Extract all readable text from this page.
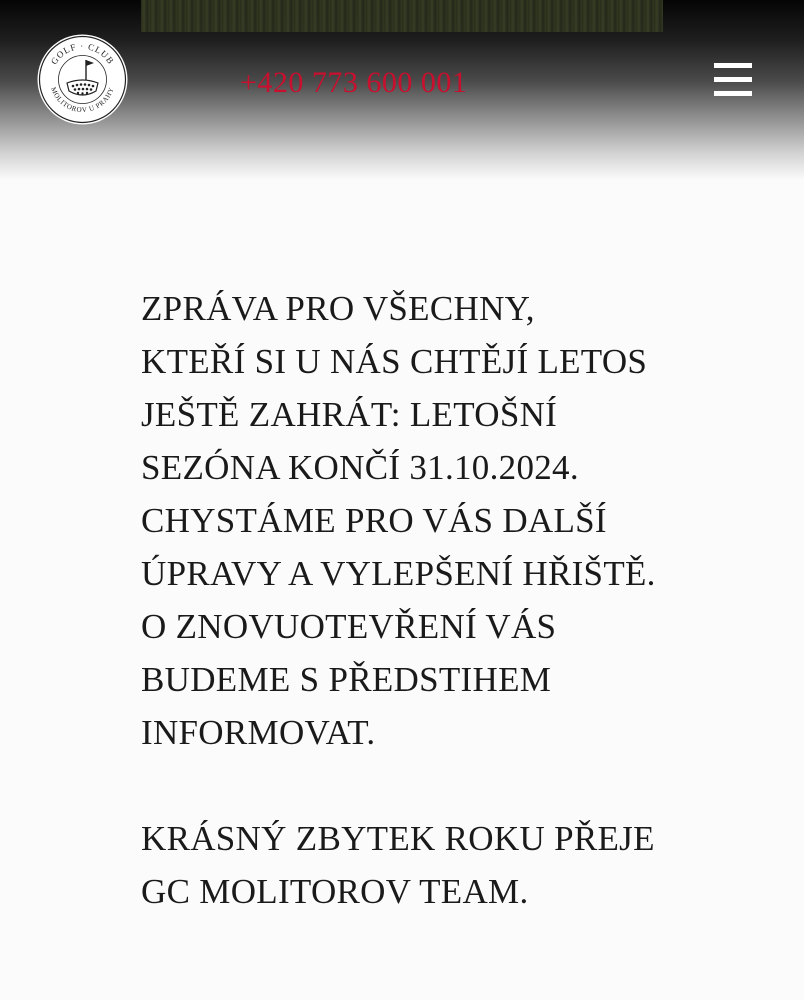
GOLF · CLUB
MOLITOROV U PRAHY	+420 773 600 001

ZPRÁVA PRO VŠECHNY,
KTEŘÍ SI U NÁS CHTĚJÍ LETOS
JEŠTĚ ZAHRÁT: LETOŠNÍ
SEZÓNA KONČÍ 31.10.2024.
CHYSTÁME PRO VÁS DALŠÍ
ÚPRAVY A VYLEPŠENÍ HŘIŠTĚ.
O ZNOVUOTEVŘENÍ VÁS
BUDEME S PŘEDSTIHEM
INFORMOVAT.

KRÁSNÝ ZBYTEK ROKU PŘEJE
GC MOLITOROV TEAM.
